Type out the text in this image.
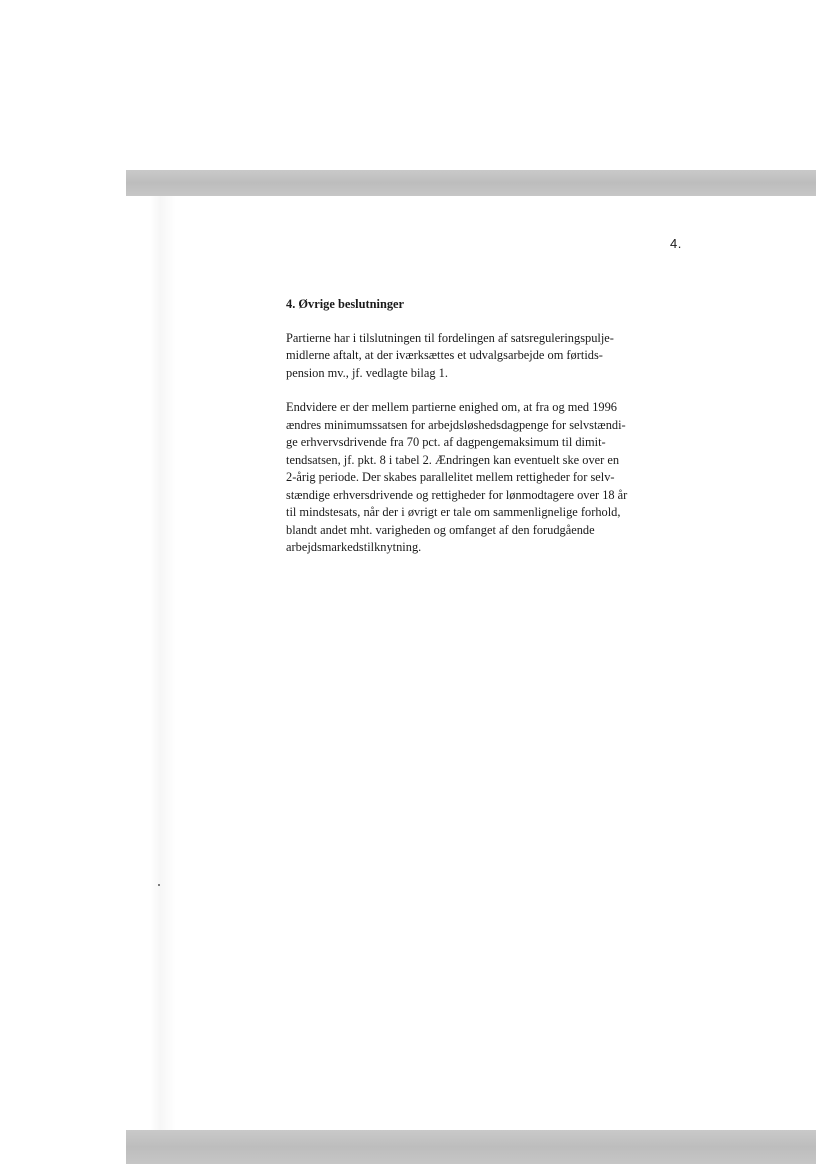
4.
4. Øvrige beslutninger
Partierne har i tilslutningen til fordelingen af satsreguleringspulje-
midlerne aftalt, at der iværksættes et udvalgsarbejde om førtids-
pension mv., jf. vedlagte bilag 1.
Endvidere er der mellem partierne enighed om, at fra og med 1996
ændres minimumssatsen for arbejdsløshedsdagpenge for selvstændi-
ge erhvervsdrivende fra 70 pct. af dagpengemaksimum til dimit-
tendsatsen, jf. pkt. 8 i tabel 2. Ændringen kan eventuelt ske over en
2-årig periode. Der skabes parallelitet mellem rettigheder for selv-
stændige erhversdrivende og rettigheder for lønmodtagere over 18 år
til mindstesats, når der i øvrigt er tale om sammenlignelige forhold,
blandt andet mht. varigheden og omfanget af den forudgående
arbejdsmarkedstilknytning.
